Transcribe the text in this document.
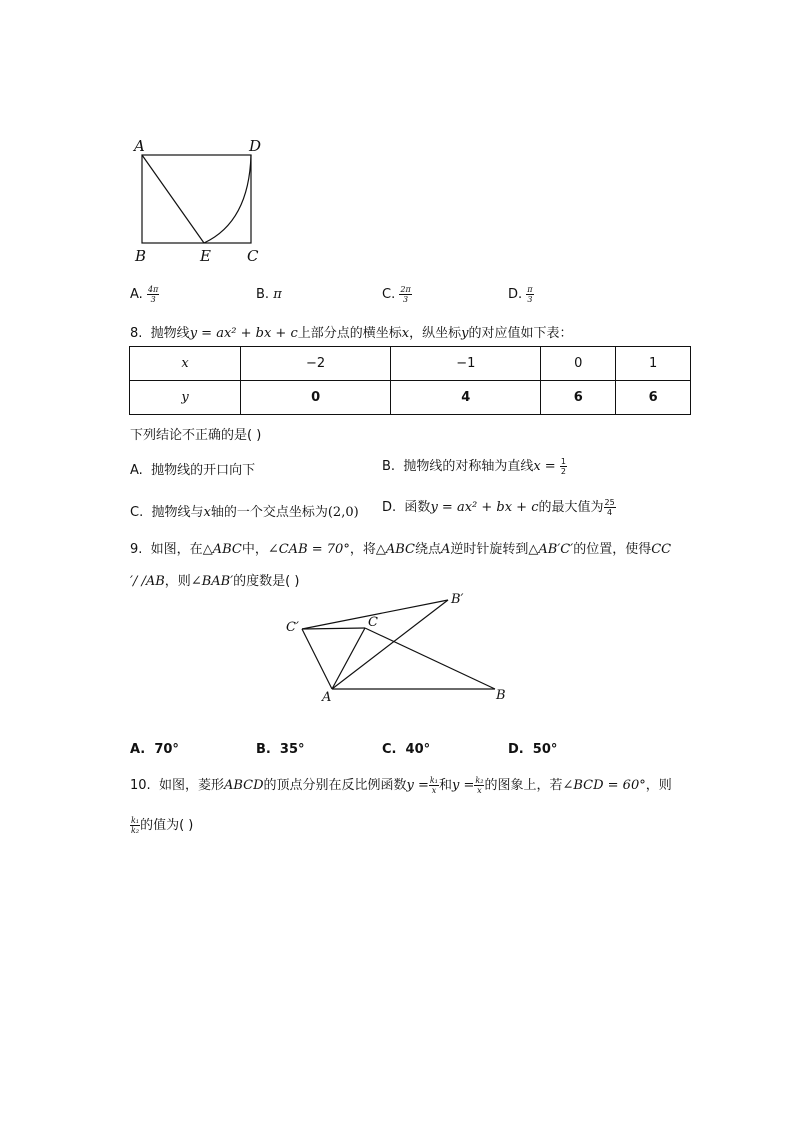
A	D
B	E C
A. $\frac{4\pi}{3}$	B. π	C. $\frac{2\pi}{3}$	D. $\frac{\pi}{3}$
8. 抛物线y = ax² + bx + c上部分点的横坐标x，纵坐标y的对应值如下表：
x	−2	−1	0	1
y	0	4	6	6
下列结论不正确的是( )
A. 抛物线的开口向下	B. 抛物线的对称轴为直线$x = \frac{1}{2}$
C. 抛物线与x轴的一个交点坐标为(2,0) D. 函数y = ax² + bx + c的最大值为 $\frac{25}{4}$
9. 如图，在△ABC中，∠CAB = 70°，将△ABC绕点A逆时针旋转到△AB′C′的位置，使得CC
′/ /AB，则∠BAB′的度数是( )
B′
C′	C
A	B
A. 70°	B. 35°	C. 40°	D. 50°
10. 如图，菱形ABCD的顶点分别在反比例函数$y = \frac{\text{k₁}}{x}$ 和$y = \frac{\text{k₂}}{x}$ 的图象上，若∠BCD = 60°，则
$\frac{\text{k₁}}{\text{k₂}}$ 的值为( )
